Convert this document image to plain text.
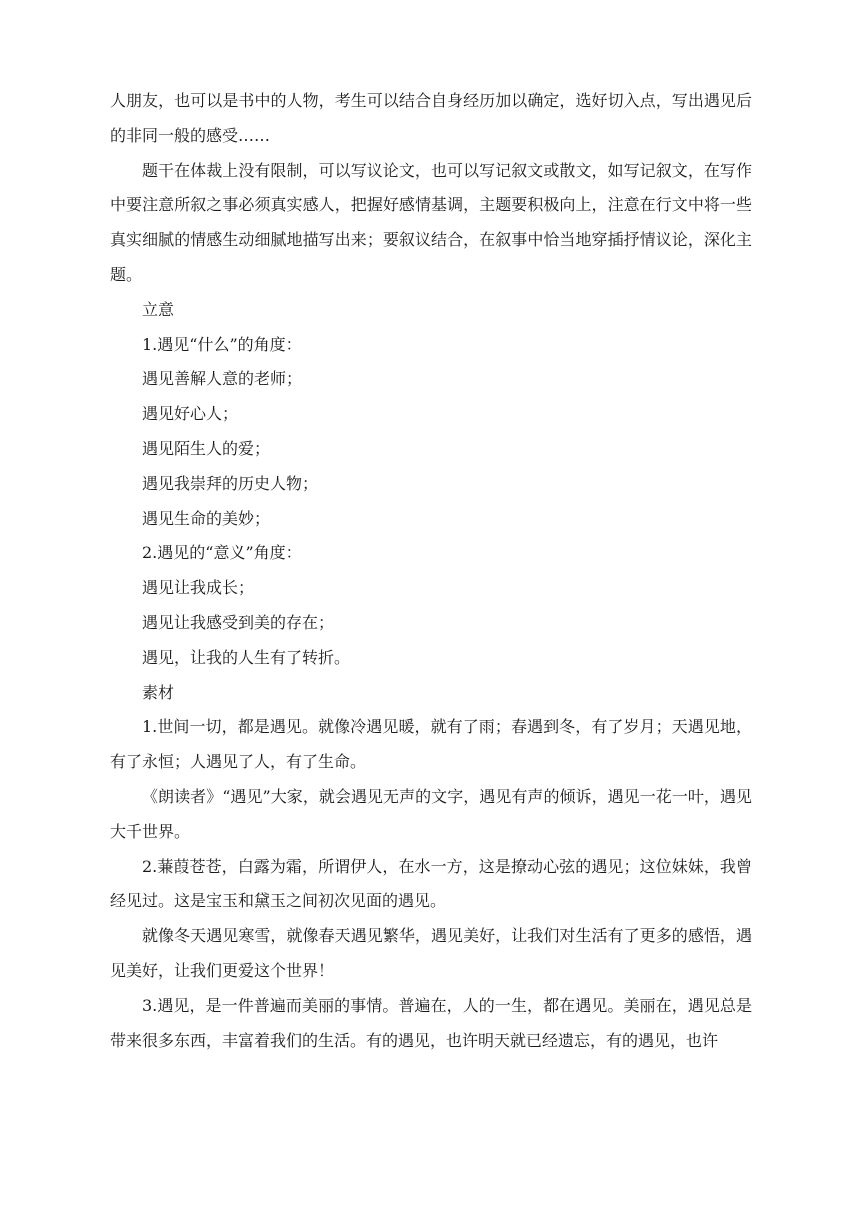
人朋友，也可以是书中的人物，考生可以结合自身经历加以确定，选好切入点，写出遇见后的非同一般的感受……

题干在体裁上没有限制，可以写议论文，也可以写记叙文或散文，如写记叙文，在写作中要注意所叙之事必须真实感人，把握好感情基调，主题要积极向上，注意在行文中将一些真实细腻的情感生动细腻地描写出来；要叙议结合，在叙事中恰当地穿插抒情议论，深化主题。

立意

1.遇见“什么”的角度：

遇见善解人意的老师；

遇见好心人；

遇见陌生人的爱；

遇见我崇拜的历史人物；

遇见生命的美妙；

2.遇见的“意义”角度：

遇见让我成长；

遇见让我感受到美的存在；

遇见，让我的人生有了转折。

素材

1.世间一切，都是遇见。就像冷遇见暖，就有了雨；春遇到冬，有了岁月；天遇见地，有了永恒；人遇见了人，有了生命。

《朗读者》“遇见”大家，就会遇见无声的文字，遇见有声的倾诉，遇见一花一叶，遇见大千世界。

2.蒹葭苍苍，白露为霜，所谓伊人，在水一方，这是撩动心弦的遇见；这位妹妹，我曾经见过。这是宝玉和黛玉之间初次见面的遇见。

就像冬天遇见寒雪，就像春天遇见繁华，遇见美好，让我们对生活有了更多的感悟，遇见美好，让我们更爱这个世界！

3.遇见，是一件普遍而美丽的事情。普遍在，人的一生，都在遇见。美丽在，遇见总是带来很多东西，丰富着我们的生活。有的遇见，也许明天就已经遗忘，有的遇见，也许
